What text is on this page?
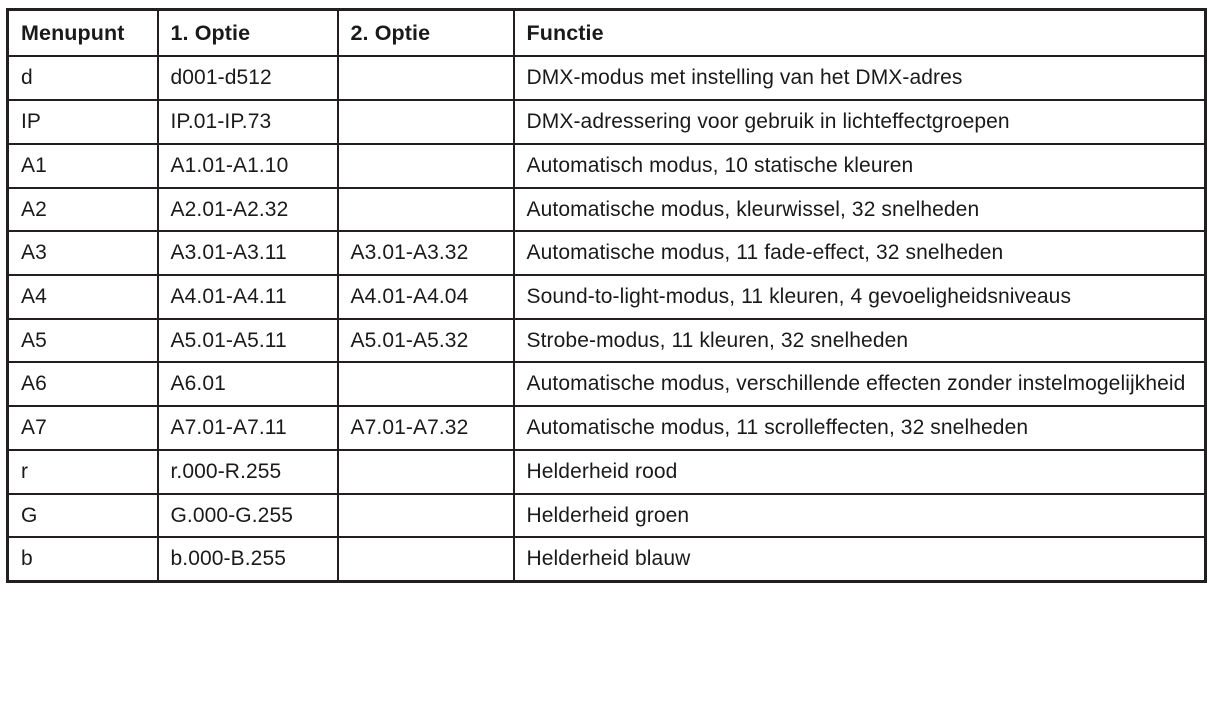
Menupunt	1. Optie	2. Optie	Functie
d	d001-d512		DMX-modus met instelling van het DMX-adres
IP	IP.01-IP.73		DMX-adressering voor gebruik in lichteffectgroepen
A1	A1.01-A1.10		Automatisch modus, 10 statische kleuren
A2	A2.01-A2.32		Automatische modus, kleurwissel, 32 snelheden
A3	A3.01-A3.11	A3.01-A3.32	Automatische modus, 11 fade-effect, 32 snelheden
A4	A4.01-A4.11	A4.01-A4.04	Sound-to-light-modus, 11 kleuren, 4 gevoeligheidsniveaus
A5	A5.01-A5.11	A5.01-A5.32	Strobe-modus, 11 kleuren, 32 snelheden
A6	A6.01		Automatische modus, verschillende effecten zonder instelmogelijkheid
A7	A7.01-A7.11	A7.01-A7.32	Automatische modus, 11 scrolleffecten, 32 snelheden
r	r.000-R.255		Helderheid rood
G	G.000-G.255		Helderheid groen
b	b.000-B.255		Helderheid blauw
